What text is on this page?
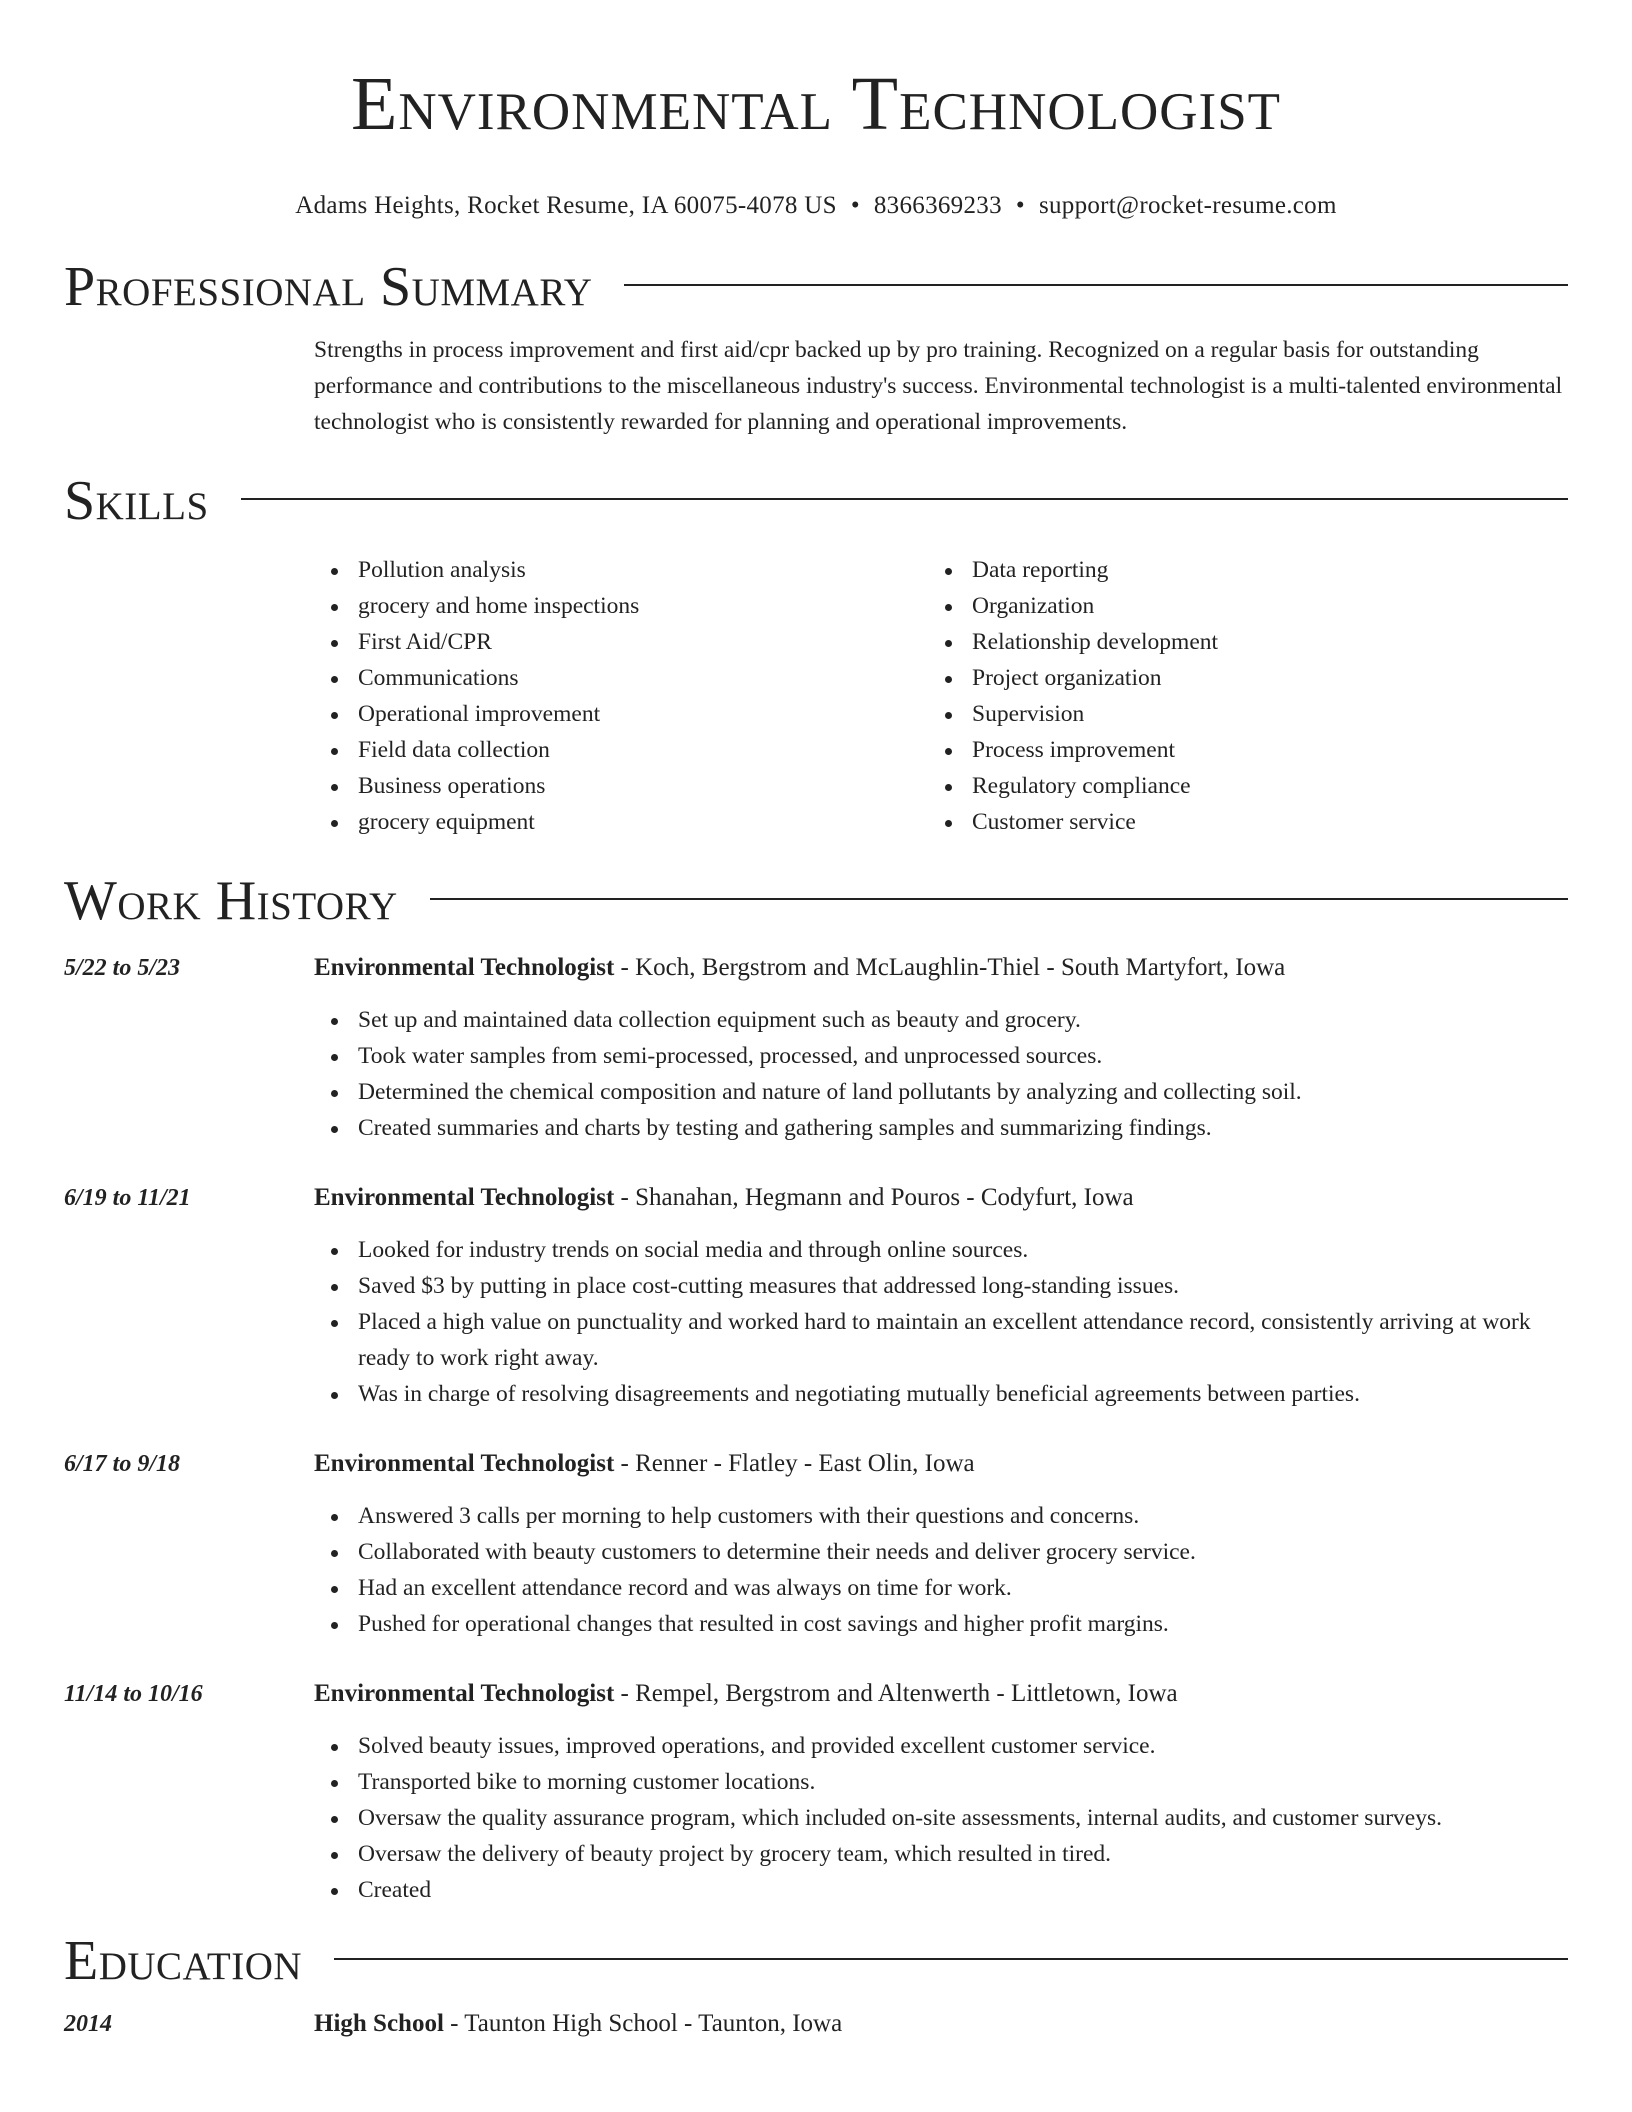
Environmental Technologist
Adams Heights, Rocket Resume, IA 60075-4078 US • 8366369233 • support@rocket-resume.com
Professional Summary

Strengths in process improvement and first aid/cpr backed up by pro training. Recognized on a regular basis for outstanding performance and contributions to the miscellaneous industry's success. Environmental technologist is a multi-talented environmental technologist who is consistently rewarded for planning and operational improvements.

Skills
Pollution analysis
grocery and home inspections
First Aid/CPR
Communications
Operational improvement
Field data collection
Business operations
grocery equipment
Data reporting
Organization
Relationship development
Project organization
Supervision
Process improvement
Regulatory compliance
Customer service
Work History
5/22 to 5/23	Environmental Technologist - Koch, Bergstrom and McLaughlin-Thiel - South Martyfort, Iowa
Set up and maintained data collection equipment such as beauty and grocery.
Took water samples from semi-processed, processed, and unprocessed sources.
Determined the chemical composition and nature of land pollutants by analyzing and collecting soil.
Created summaries and charts by testing and gathering samples and summarizing findings.
6/19 to 11/21	Environmental Technologist - Shanahan, Hegmann and Pouros - Codyfurt, Iowa
Looked for industry trends on social media and through online sources.
Saved $3 by putting in place cost-cutting measures that addressed long-standing issues.
Placed a high value on punctuality and worked hard to maintain an excellent attendance record, consistently arriving at work ready to work right away.
Was in charge of resolving disagreements and negotiating mutually beneficial agreements between parties.
6/17 to 9/18	Environmental Technologist - Renner - Flatley - East Olin, Iowa
Answered 3 calls per morning to help customers with their questions and concerns.
Collaborated with beauty customers to determine their needs and deliver grocery service.
Had an excellent attendance record and was always on time for work.
Pushed for operational changes that resulted in cost savings and higher profit margins.
11/14 to 10/16	Environmental Technologist - Rempel, Bergstrom and Altenwerth - Littletown, Iowa
Solved beauty issues, improved operations, and provided excellent customer service.
Transported bike to morning customer locations.
Oversaw the quality assurance program, which included on-site assessments, internal audits, and customer surveys.
Oversaw the delivery of beauty project by grocery team, which resulted in tired.
Created
Education
2014	High School - Taunton High School - Taunton, Iowa
